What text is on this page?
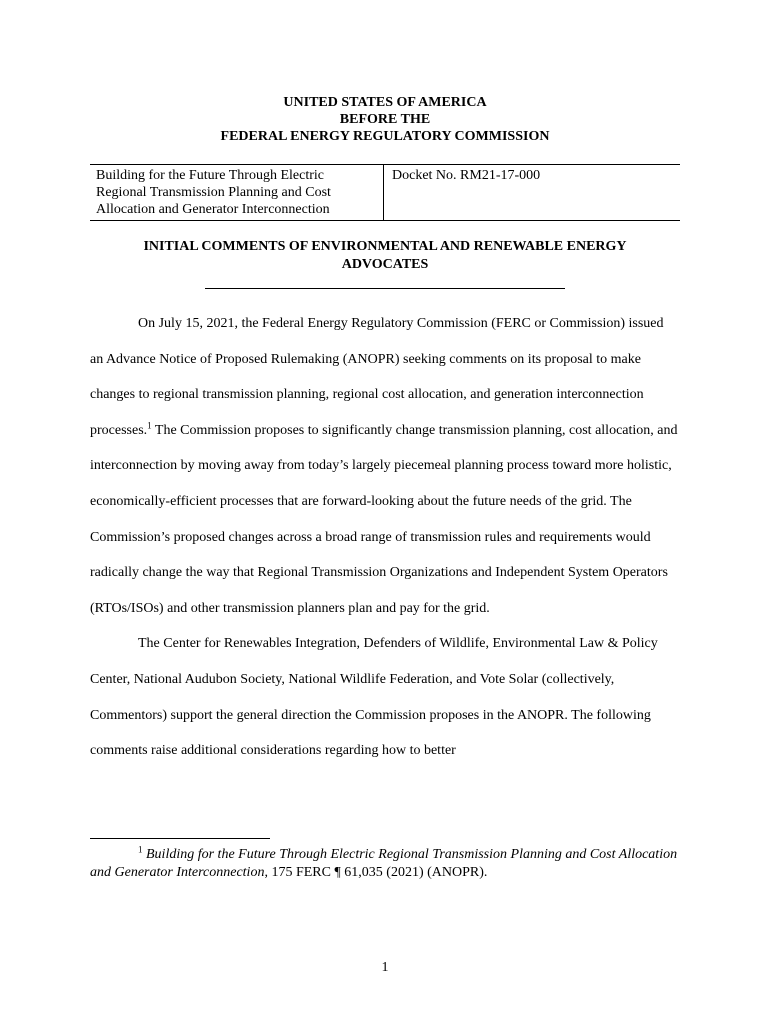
UNITED STATES OF AMERICA
BEFORE THE
FEDERAL ENERGY REGULATORY COMMISSION
Building for the Future Through Electric
Regional Transmission Planning and Cost
Allocation and Generator Interconnection
Docket No. RM21-17-000
INITIAL COMMENTS OF ENVIRONMENTAL AND RENEWABLE ENERGY
ADVOCATES

On July 15, 2021, the Federal Energy Regulatory Commission (FERC or Commission) issued an Advance Notice of Proposed Rulemaking (ANOPR) seeking comments on its proposal to make changes to regional transmission planning, regional cost allocation, and generation interconnection processes.$^1$ The Commission proposes to significantly change transmission planning, cost allocation, and interconnection by moving away from today’s largely piecemeal planning process toward more holistic, economically-efficient processes that are forward-looking about the future needs of the grid. The Commission’s proposed changes across a broad range of transmission rules and requirements would radically change the way that Regional Transmission Organizations and Independent System Operators (RTOs/ISOs) and other transmission planners plan and pay for the grid.

The Center for Renewables Integration, Defenders of Wildlife, Environmental Law & Policy Center, National Audubon Society, National Wildlife Federation, and Vote Solar (collectively, Commentors) support the general direction the Commission proposes in the ANOPR. The following comments raise additional considerations regarding how to better

$^1$ Building for the Future Through Electric Regional Transmission Planning and Cost Allocation and Generator Interconnection, 175 FERC ¶ 61,035 (2021) (ANOPR).
1
